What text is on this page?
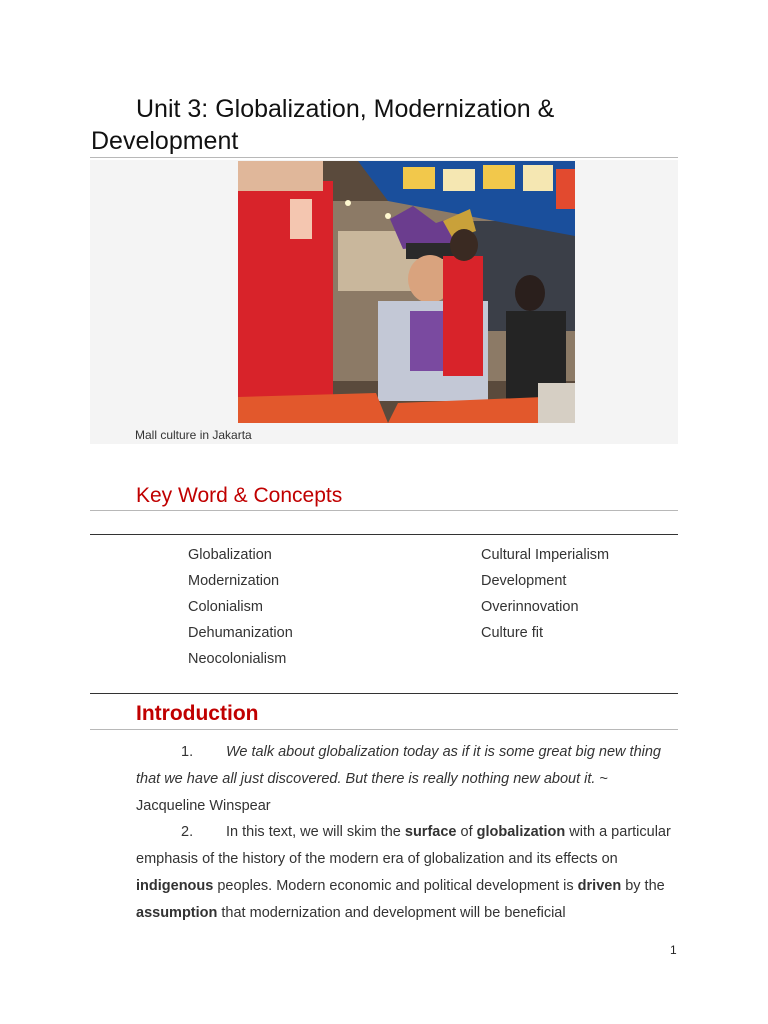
Unit 3: Globalization, Modernization &
Development
Mall culture in Jakarta
Key Word & Concepts
Globalization
Modernization
Colonialism
Dehumanization
Neocolonialism
Cultural Imperialism
Development
Overinnovation
Culture fit
Introduction

1. We talk about globalization today as if it is some great big new thing that we have all just discovered. But there is really nothing new about it. ~ Jacqueline Winspear

2. In this text, we will skim the surface of globalization with a particular emphasis of the history of the modern era of globalization and its effects on indigenous peoples. Modern economic and political development is driven by the assumption that modernization and development will be beneficial

1
